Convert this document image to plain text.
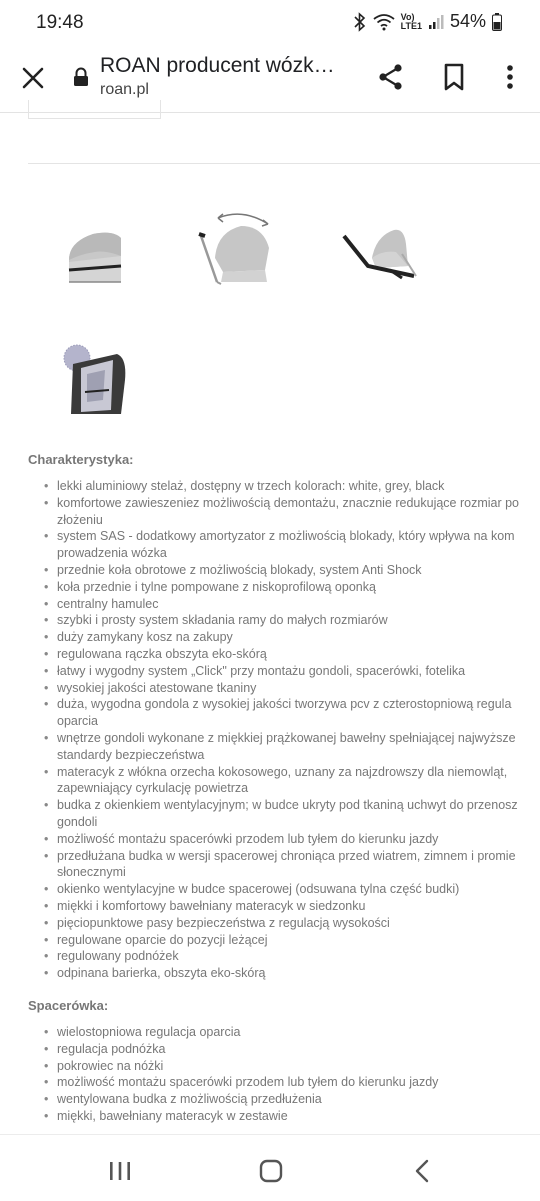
19:48	Vo)
LTE1 54%
ROAN producent wózk…
roan.pl
Charakterystyka:
• lekki aluminiowy stelaż, dostępny w trzech kolorach: white, grey, black
• komfortowe zawieszeniez możliwością demontażu, znacznie redukujące rozmiar po
złożeniu
• system SAS - dodatkowy amortyzator z możliwością blokady, który wpływa na kom
prowadzenia wózka
• przednie koła obrotowe z możliwością blokady, system Anti Shock
• koła przednie i tylne pompowane z niskoprofilową oponką
• centralny hamulec
• szybki i prosty system składania ramy do małych rozmiarów
• duży zamykany kosz na zakupy
• regulowana rączka obszyta eko-skórą
• łatwy i wygodny system „Click" przy montażu gondoli, spacerówki, fotelika
• wysokiej jakości atestowane tkaniny
• duża, wygodna gondola z wysokiej jakości tworzywa pcv z czterostopniową regula
oparcia
• wnętrze gondoli wykonane z miękkiej prążkowanej bawełny spełniającej najwyższe
standardy bezpieczeństwa
• materacyk z włókna orzecha kokosowego, uznany za najzdrowszy dla niemowląt,
zapewniający cyrkulację powietrza
• budka z okienkiem wentylacyjnym; w budce ukryty pod tkaniną uchwyt do przenosz
gondoli
• możliwość montażu spacerówki przodem lub tyłem do kierunku jazdy
• przedłużana budka w wersji spacerowej chroniąca przed wiatrem, zimnem i promie
słonecznymi
• okienko wentylacyjne w budce spacerowej (odsuwana tylna część budki)
• miękki i komfortowy bawełniany materacyk w siedzonku
• pięciopunktowe pasy bezpieczeństwa z regulacją wysokości
• regulowane oparcie do pozycji leżącej
• regulowany podnóżek
• odpinana barierka, obszyta eko-skórą
Spacerówka:
• wielostopniowa regulacja oparcia
• regulacja podnóżka
• pokrowiec na nóżki
• możliwość montażu spacerówki przodem lub tyłem do kierunku jazdy
• wentylowana budka z możliwością przedłużenia
• miękki, bawełniany materacyk w zestawie
